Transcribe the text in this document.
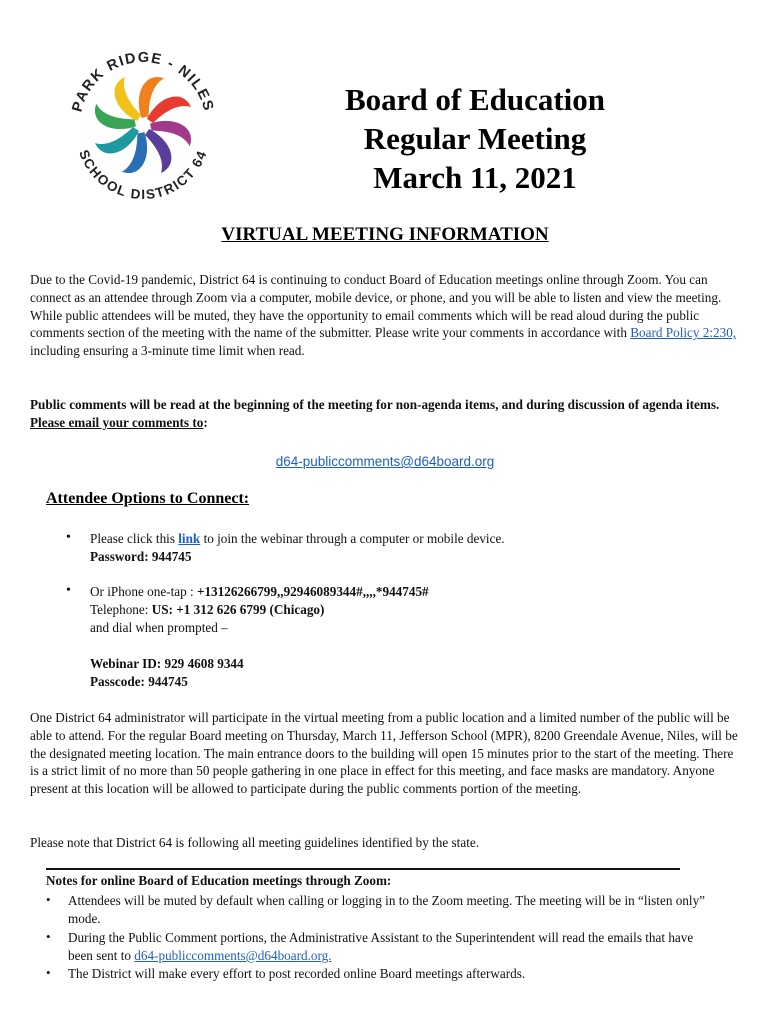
PARK RIDGE - NILES
SCHOOL DISTRICT 64
Board of Education
Regular Meeting
March 11, 2021
VIRTUAL MEETING INFORMATION
Due to the Covid-19 pandemic, District 64 is continuing to conduct Board of Education meetings online through Zoom. You can connect as an attendee through Zoom via a computer, mobile device, or phone, and you will be able to listen and view the meeting. While public attendees will be muted, they have the opportunity to email comments which will be read aloud during the public comments section of the meeting with the name of the submitter. Please write your comments in accordance with Board Policy 2:230, including ensuring a 3-minute time limit when read.
Public comments will be read at the beginning of the meeting for non-agenda items, and during discussion of agenda items. Please email your comments to:
d64-publiccomments@d64board.org
Attendee Options to Connect:
• Please click this link to join the webinar through a computer or mobile device.
Password: 944745
• Or iPhone one-tap : +13126266799,,92946089344#,,,,*944745#
Telephone: US: +1 312 626 6799 (Chicago)
and dial when prompted –
Webinar ID: 929 4608 9344
Passcode: 944745
One District 64 administrator will participate in the virtual meeting from a public location and a limited number of the public will be able to attend. For the regular Board meeting on Thursday, March 11, Jefferson School (MPR), 8200 Greendale Avenue, Niles, will be the designated meeting location. The main entrance doors to the building will open 15 minutes prior to the start of the meeting. There is a strict limit of no more than 50 people gathering in one place in effect for this meeting, and face masks are mandatory. Anyone present at this location will be allowed to participate during the public comments portion of the meeting.
Please note that District 64 is following all meeting guidelines identified by the state.
Notes for online Board of Education meetings through Zoom:
• Attendees will be muted by default when calling or logging in to the Zoom meeting. The meeting will be in “listen only” mode.
• During the Public Comment portions, the Administrative Assistant to the Superintendent will read the emails that have been sent to d64-publiccomments@d64board.org.
• The District will make every effort to post recorded online Board meetings afterwards.
